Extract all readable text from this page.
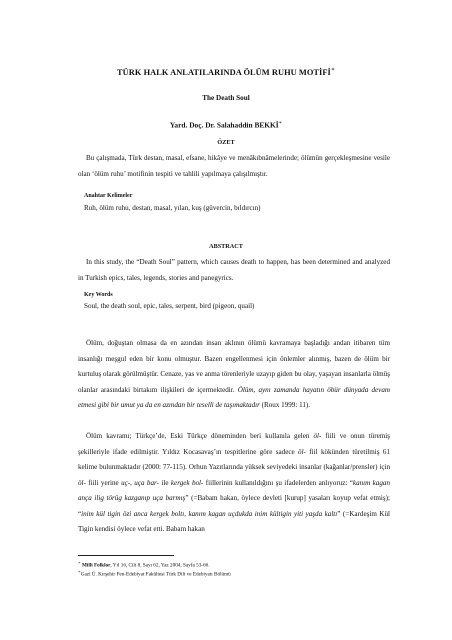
TÜRK HALK ANLATILARINDA ÖLÜM RUHU MOTİFİ∗
The Death Soul
Yard. Doç. Dr. Salahaddin BEKKİ∗
ÖZET
Bu çalışmada, Türk destan, masal, efsane, hikâye ve menâkıbnâmelerinde; ölümün gerçekleşmesine vesile olan ‘ölüm ruhu’ motifinin tespiti ve tahlili yapılmaya çalışılmıştır.
Anahtar Kelimeler
Ruh, ölüm ruhu, destan, masal, yılan, kuş (güvercin, bıldırcın)
ABSTRACT
In this study, the “Death Soul” pattern, which causes death to happen, has been determined and analyzed in Turkish epics, tales, legends, stories and panegyrics.
Key Words
Soul, the death soul, epic, tales, serpent, bird (pigeon, quail)
Ölüm, doğuştan olmasa da en azından insan aklının ölümü kavramaya başladığı andan itibaren tüm insanlığı meşgul eden bir konu olmuştur. Bazen engellenmesi için önlemler alınmış, bazen de ölüm bir kurtuluş olarak görülmüştür. Cenaze, yas ve anma törenleriyle uzayıp giden bu olay, yaşayan insanlarla ölmüş olanlar arasındaki birtakım ilişkileri de içermektedir. Ölüm, aynı zamanda hayatın öbür dünyada devam etmesi gibi bir umut ya da en azından bir teselli de taşımaktadır (Roux 1999: 11).
Ölüm kavramı; Türkçe’de, Eski Türkçe döneminden beri kullanıla gelen öl- fiili ve onun türemiş şekilleriyle ifade edilmiştir. Yıldız Kocasavaş’ın tespitlerine göre sadece öl- fiil kökünden türetilmiş 61 kelime bulunmaktadır (2000: 77-115). Orhun Yazıtlarında yüksek seviyedeki insanlar (kağanlar/prensler) için öl- fiili yerine uç-, uça bar- ile kergek bol- fiillerinin kullanıldığını şu ifadelerden anlıyoruz: “kanım kagan ança ilig törüg kazganıp uça barmış” (=Babam hakan, öylece devleti [kurup] yasaları koyup vefat etmiş); “inim kül tigin özi anca kergek boltı, kanım kagan uçdukda inim kültigin yiti yaşda kaltı” (=Kardeşim Kül Tigin kendisi öylece vefat etti. Babam hakan
∗ Milli Folklor, Yıl 16, Cilt 8, Sayı 62, Yaz 2004, Sayfa 53-66.
∗Gazi Ü. Kırşehir Fen-Edebiyat Fakültesi Türk Dili ve Edebiyatı Bölümü
